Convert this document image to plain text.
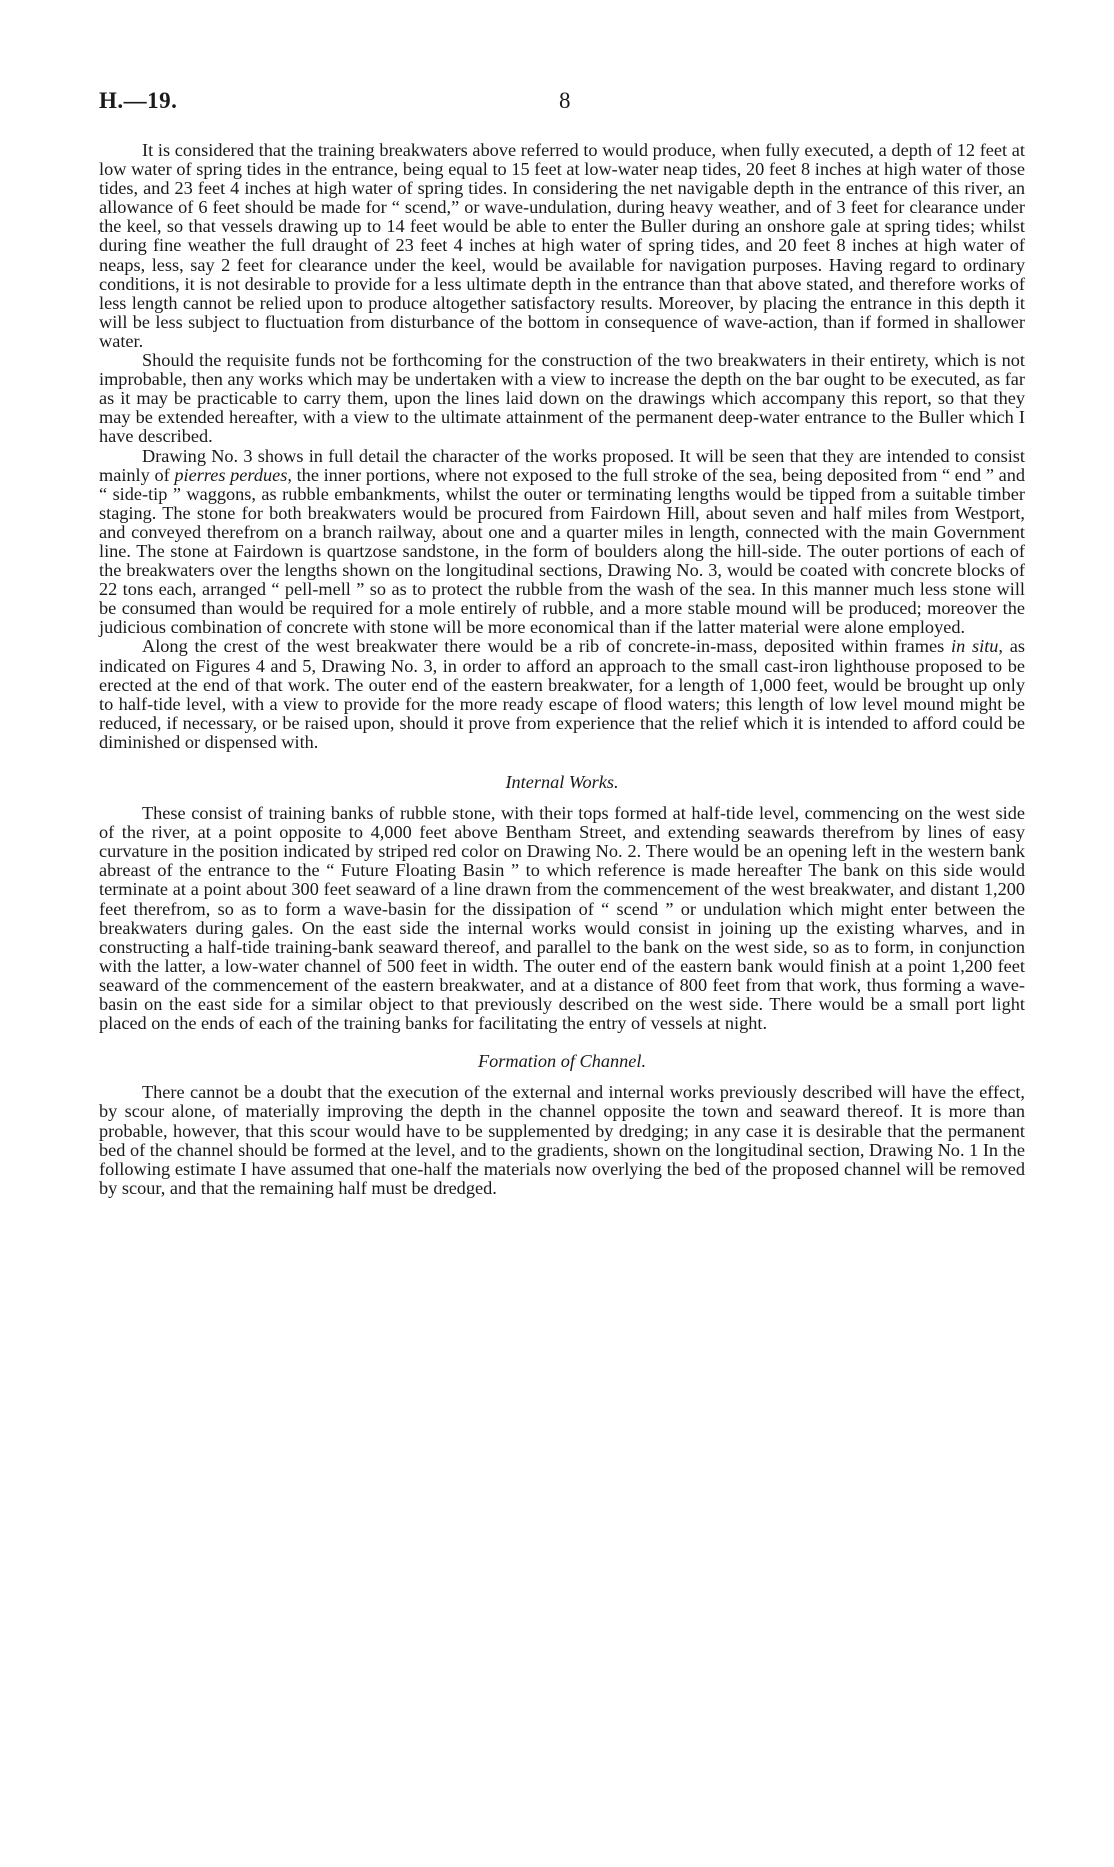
H.—19.	8

It is considered that the training breakwaters above referred to would produce, when fully executed, a depth of 12 feet at low water of spring tides in the entrance, being equal to 15 feet at low-water neap tides, 20 feet 8 inches at high water of those tides, and 23 feet 4 inches at high water of spring tides. In considering the net navigable depth in the entrance of this river, an allowance of 6 feet should be made for “ scend,” or wave-undulation, during heavy weather, and of 3 feet for clearance under the keel, so that vessels drawing up to 14 feet would be able to enter the Buller during an onshore gale at spring tides; whilst during fine weather the full draught of 23 feet 4 inches at high water of spring tides, and 20 feet 8 inches at high water of neaps, less, say 2 feet for clearance under the keel, would be available for navigation purposes. Having regard to ordinary conditions, it is not desirable to provide for a less ultimate depth in the entrance than that above stated, and therefore works of less length cannot be relied upon to produce altogether satisfactory results. Moreover, by placing the entrance in this depth it will be less subject to fluctuation from disturbance of the bottom in consequence of wave-action, than if formed in shallower water.

Should the requisite funds not be forthcoming for the construction of the two breakwaters in their entirety, which is not improbable, then any works which may be undertaken with a view to increase the depth on the bar ought to be executed, as far as it may be practicable to carry them, upon the lines laid down on the drawings which accompany this report, so that they may be extended hereafter, with a view to the ultimate attainment of the permanent deep-water entrance to the Buller which I have described.

Drawing No. 3 shows in full detail the character of the works proposed. It will be seen that they are intended to consist mainly of pierres perdues, the inner portions, where not exposed to the full stroke of the sea, being deposited from “ end ” and “ side-tip ” waggons, as rubble embankments, whilst the outer or terminating lengths would be tipped from a suitable timber staging. The stone for both breakwaters would be procured from Fairdown Hill, about seven and half miles from Westport, and conveyed therefrom on a branch railway, about one and a quarter miles in length, connected with the main Government line. The stone at Fairdown is quartzose sandstone, in the form of boulders along the hill-side. The outer portions of each of the breakwaters over the lengths shown on the longitudinal sections, Drawing No. 3, would be coated with concrete blocks of 22 tons each, arranged “ pell-mell ” so as to protect the rubble from the wash of the sea. In this manner much less stone will be consumed than would be required for a mole entirely of rubble, and a more stable mound will be produced; moreover the judicious combination of concrete with stone will be more economical than if the latter material were alone employed.

Along the crest of the west breakwater there would be a rib of concrete-in-mass, deposited within frames in situ, as indicated on Figures 4 and 5, Drawing No. 3, in order to afford an approach to the small cast-iron lighthouse proposed to be erected at the end of that work. The outer end of the eastern breakwater, for a length of 1,000 feet, would be brought up only to half-tide level, with a view to provide for the more ready escape of flood waters; this length of low level mound might be reduced, if necessary, or be raised upon, should it prove from experience that the relief which it is intended to afford could be diminished or dispensed with.

Internal Works.

These consist of training banks of rubble stone, with their tops formed at half-tide level, commencing on the west side of the river, at a point opposite to 4,000 feet above Bentham Street, and extending seawards therefrom by lines of easy curvature in the position indicated by striped red color on Drawing No. 2. There would be an opening left in the western bank abreast of the entrance to the “ Future Floating Basin ” to which reference is made hereafter The bank on this side would terminate at a point about 300 feet seaward of a line drawn from the commencement of the west breakwater, and distant 1,200 feet therefrom, so as to form a wave-basin for the dissipation of “ scend ” or undulation which might enter between the breakwaters during gales. On the east side the internal works would consist in joining up the existing wharves, and in constructing a half-tide training-bank seaward thereof, and parallel to the bank on the west side, so as to form, in conjunction with the latter, a low-water channel of 500 feet in width. The outer end of the eastern bank would finish at a point 1,200 feet seaward of the commencement of the eastern breakwater, and at a distance of 800 feet from that work, thus forming a wave-basin on the east side for a similar object to that previously described on the west side. There would be a small port light placed on the ends of each of the training banks for facilitating the entry of vessels at night.

Formation of Channel.

There cannot be a doubt that the execution of the external and internal works previously described will have the effect, by scour alone, of materially improving the depth in the channel opposite the town and seaward thereof. It is more than probable, however, that this scour would have to be supplemented by dredging; in any case it is desirable that the permanent bed of the channel should be formed at the level, and to the gradients, shown on the longitudinal section, Drawing No. 1 In the following estimate I have assumed that one-half the materials now overlying the bed of the proposed channel will be removed by scour, and that the remaining half must be dredged.
